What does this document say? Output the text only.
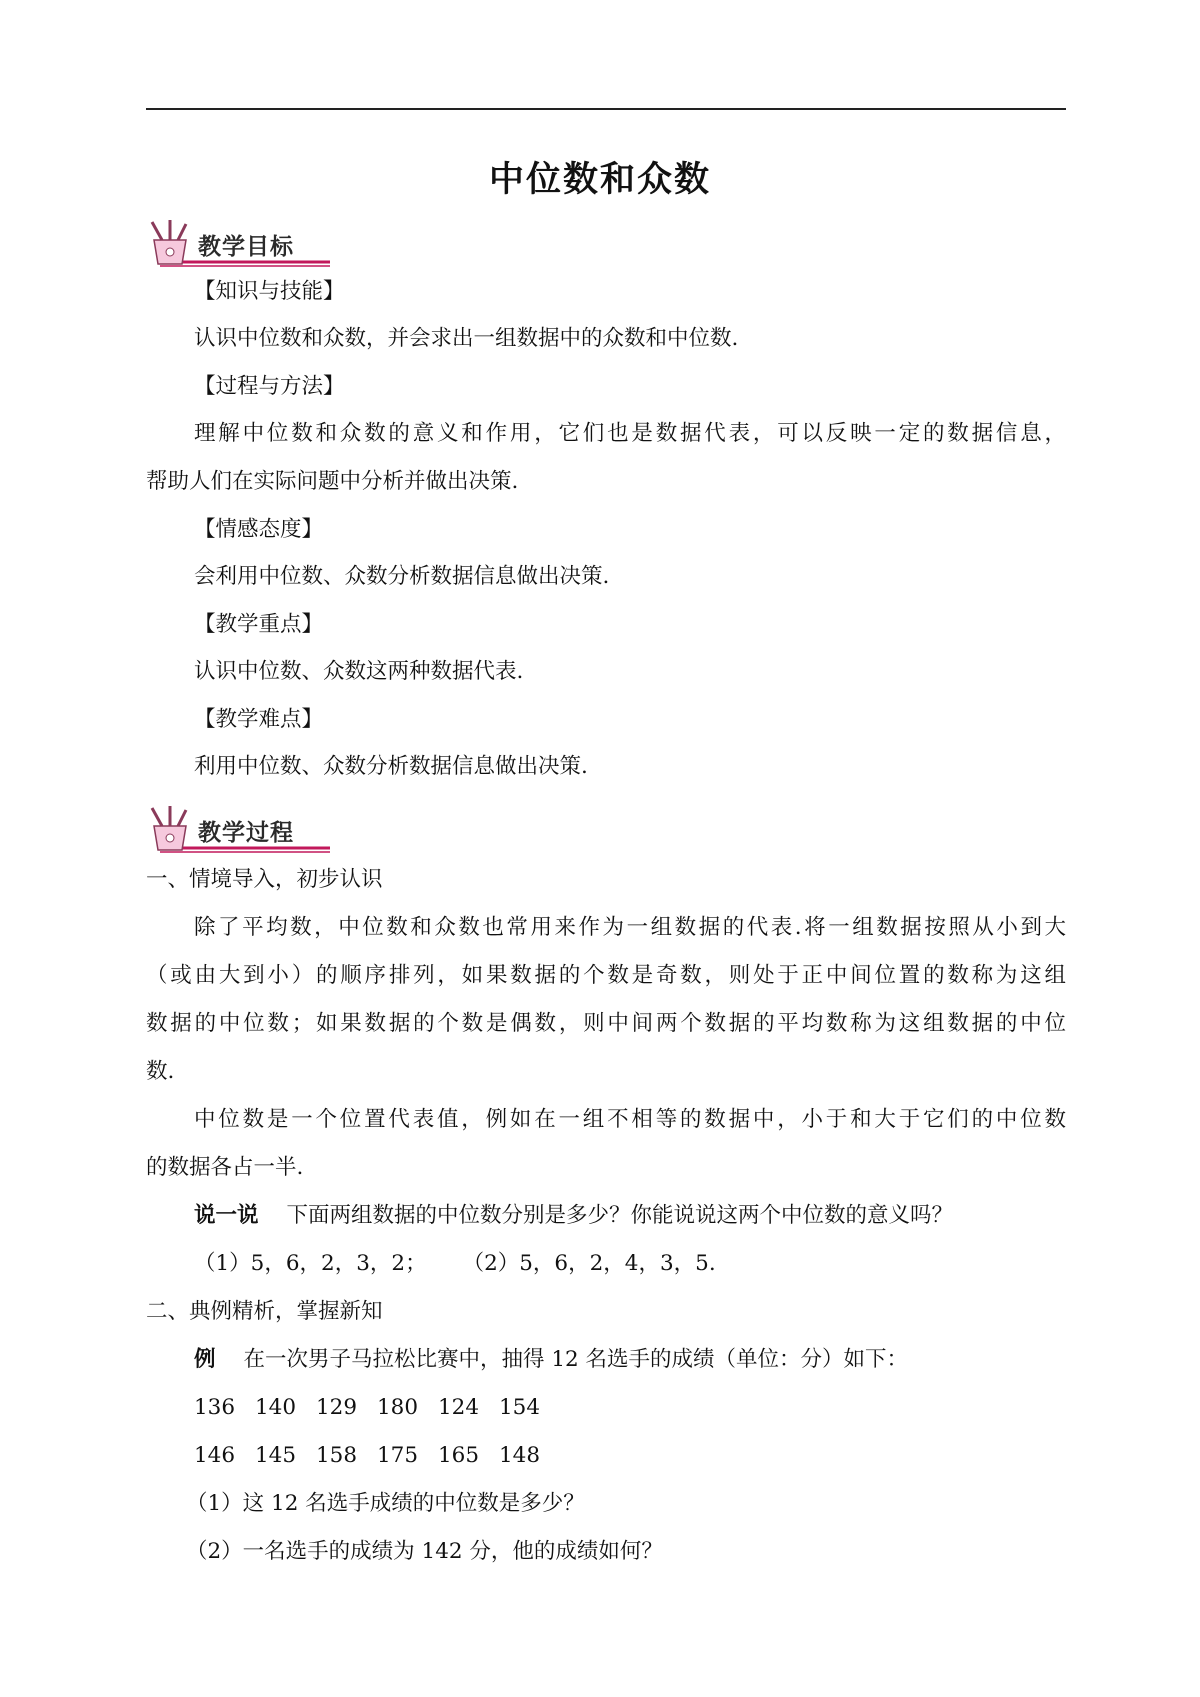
中位数和众数
教学目标
【知识与技能】
认识中位数和众数，并会求出一组数据中的众数和中位数.
【过程与方法】
理解中位数和众数的意义和作用，它们也是数据代表，可以反映一定的数据信息，
帮助人们在实际问题中分析并做出决策.
【情感态度】
会利用中位数、众数分析数据信息做出决策.
【教学重点】
认识中位数、众数这两种数据代表.
【教学难点】
利用中位数、众数分析数据信息做出决策.
教学过程
一、情境导入，初步认识
除了平均数，中位数和众数也常用来作为一组数据的代表.将一组数据按照从小到大
（或由大到小）的顺序排列，如果数据的个数是奇数，则处于正中间位置的数称为这组
数据的中位数；如果数据的个数是偶数，则中间两个数据的平均数称为这组数据的中位
数.
中位数是一个位置代表值，例如在一组不相等的数据中，小于和大于它们的中位数
的数据各占一半.
说一说 下面两组数据的中位数分别是多少？你能说说这两个中位数的意义吗？
（1）5，6，2，3，2； （2）5，6，2，4，3，5.
二、典例精析，掌握新知
例 在一次男子马拉松比赛中，抽得 12 名选手的成绩（单位：分）如下：
136 140 129 180 124 154
146 145 158 175 165 148
（1）这 12 名选手成绩的中位数是多少？
（2）一名选手的成绩为 142 分，他的成绩如何？
